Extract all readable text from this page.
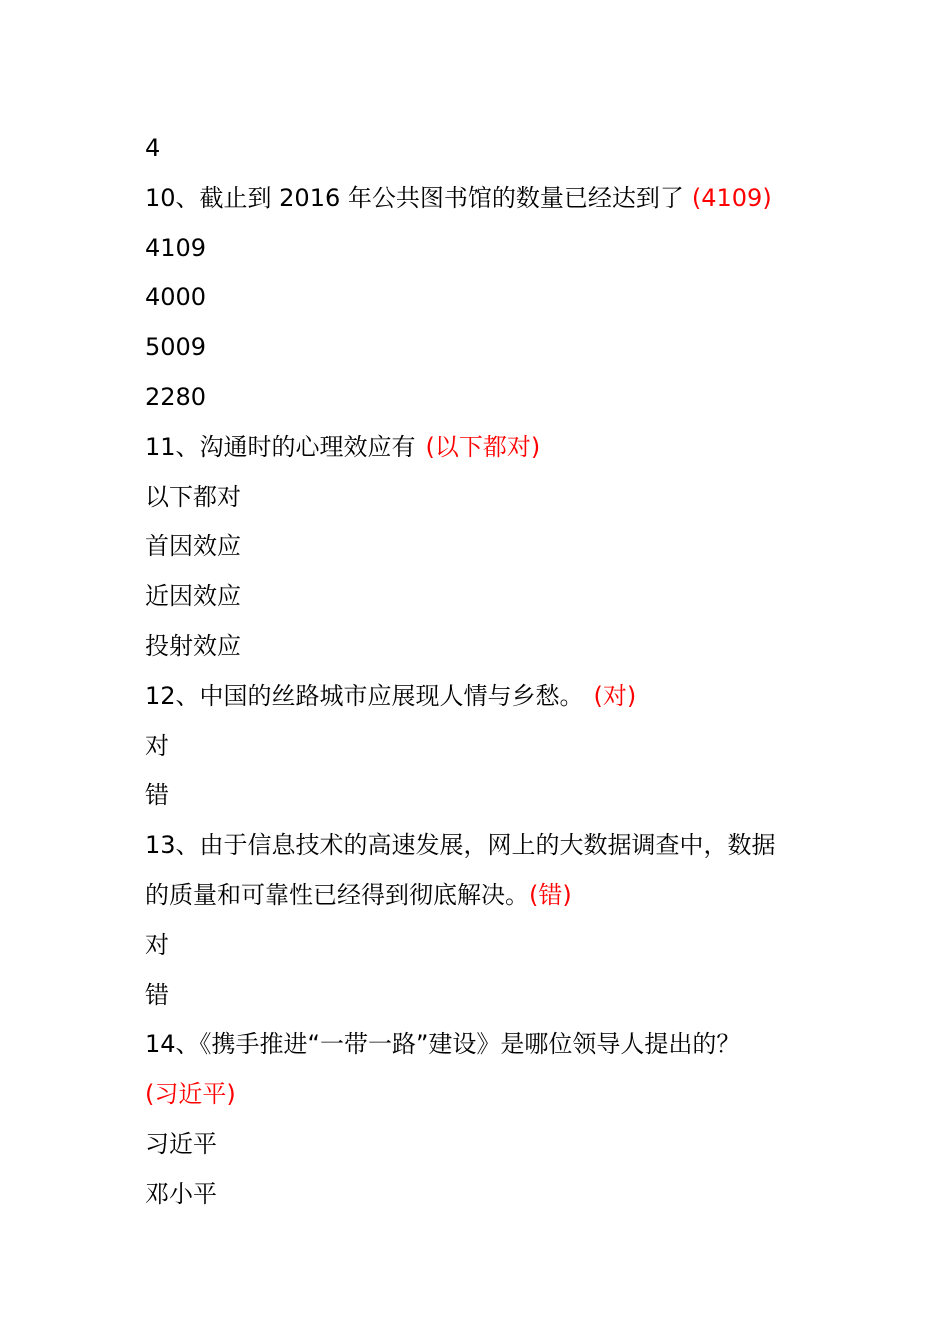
4
10、截止到 2016 年公共图书馆的数量已经达到了 (4109)
4109
4000
5009
2280
11、沟通时的心理效应有 (以下都对)
以下都对
首因效应
近因效应
投射效应
12、中国的丝路城市应展现人情与乡愁。 (对)
对
错
13、由于信息技术的高速发展，网上的大数据调查中，数据
的质量和可靠性已经得到彻底解决。(错)
对
错
14、《携手推进“一带一路”建设》是哪位领导人提出的？
(习近平)
习近平
邓小平
